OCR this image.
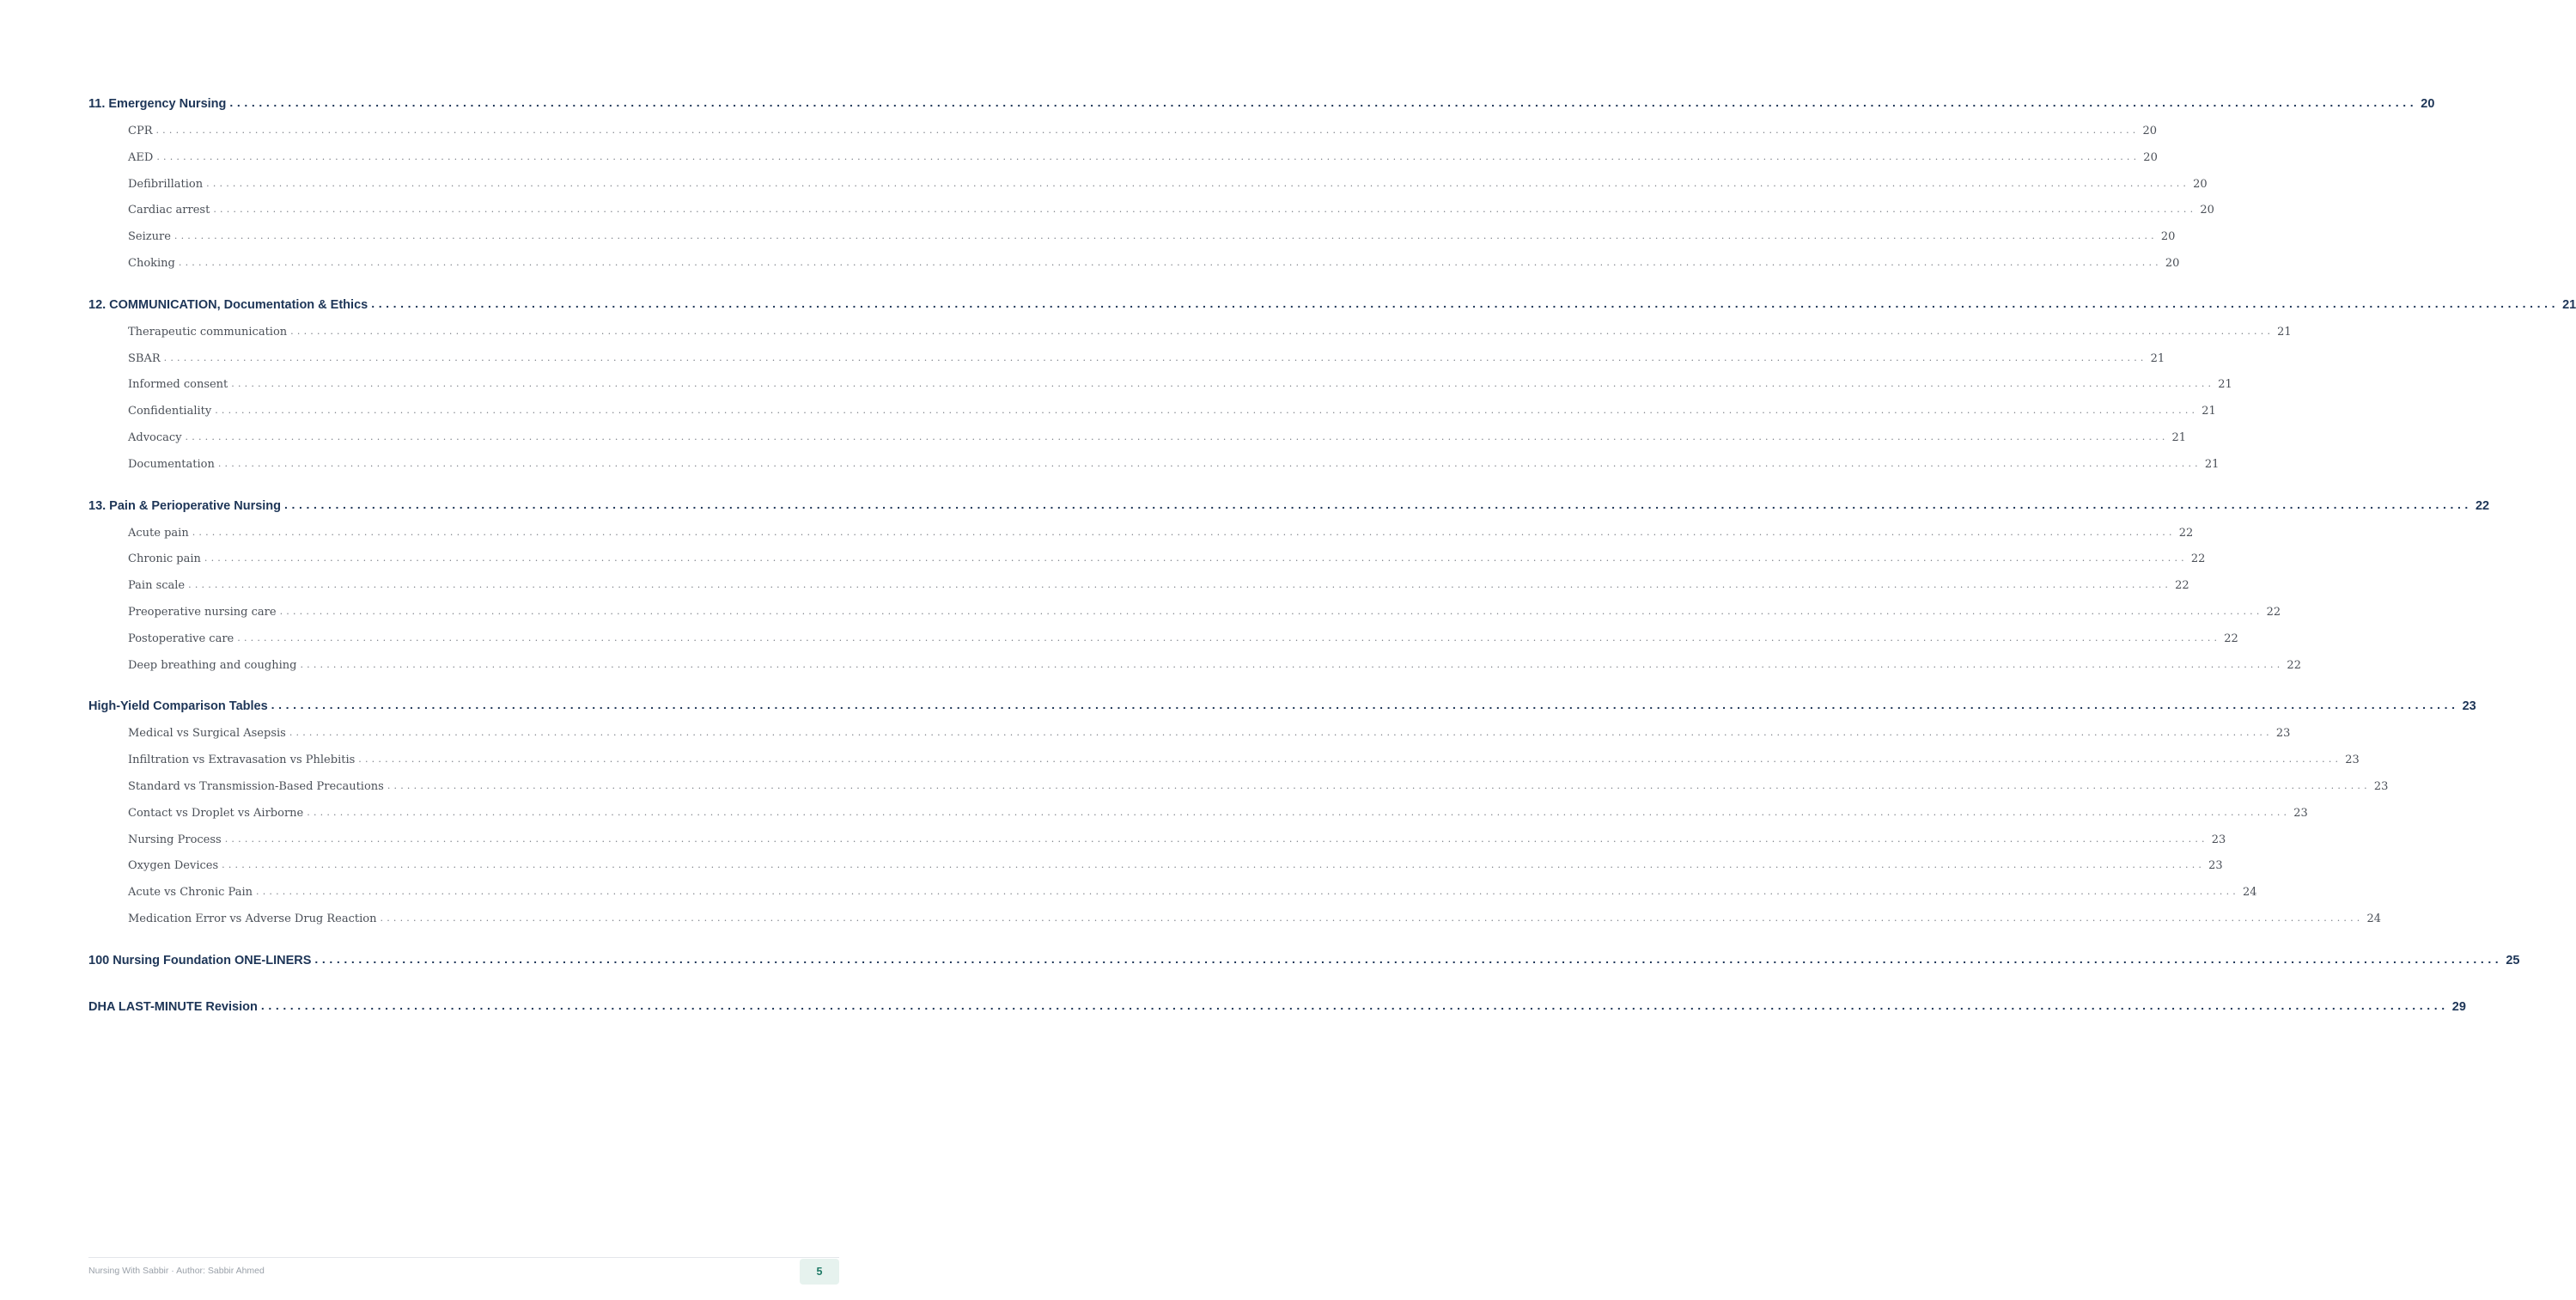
11. Emergency Nursing ............................................................................................................................................................................................................................................................................................................ 20
CPR ............................................................................................................................................................................................................................................................................................................ 20
AED ............................................................................................................................................................................................................................................................................................................ 20
Defibrillation ............................................................................................................................................................................................................................................................................................................ 20
Cardiac arrest ............................................................................................................................................................................................................................................................................................................ 20
Seizure ............................................................................................................................................................................................................................................................................................................ 20
Choking ............................................................................................................................................................................................................................................................................................................ 20
12. COMMUNICATION, Documentation & Ethics ............................................................................................................................................................................................................................................................................................................ 21
Therapeutic communication ............................................................................................................................................................................................................................................................................................................ 21
SBAR ............................................................................................................................................................................................................................................................................................................ 21
Informed consent ............................................................................................................................................................................................................................................................................................................ 21
Confidentiality ............................................................................................................................................................................................................................................................................................................ 21
Advocacy ............................................................................................................................................................................................................................................................................................................ 21
Documentation ............................................................................................................................................................................................................................................................................................................ 21
13. Pain & Perioperative Nursing ............................................................................................................................................................................................................................................................................................................ 22
Acute pain ............................................................................................................................................................................................................................................................................................................ 22
Chronic pain ............................................................................................................................................................................................................................................................................................................ 22
Pain scale ............................................................................................................................................................................................................................................................................................................ 22
Preoperative nursing care ............................................................................................................................................................................................................................................................................................................ 22
Postoperative care ............................................................................................................................................................................................................................................................................................................ 22
Deep breathing and coughing ............................................................................................................................................................................................................................................................................................................ 22
High-Yield Comparison Tables ............................................................................................................................................................................................................................................................................................................ 23
Medical vs Surgical Asepsis ............................................................................................................................................................................................................................................................................................................ 23
Infiltration vs Extravasation vs Phlebitis ............................................................................................................................................................................................................................................................................................................ 23
Standard vs Transmission-Based Precautions ............................................................................................................................................................................................................................................................................................................ 23
Contact vs Droplet vs Airborne ............................................................................................................................................................................................................................................................................................................ 23
Nursing Process ............................................................................................................................................................................................................................................................................................................ 23
Oxygen Devices ............................................................................................................................................................................................................................................................................................................ 23
Acute vs Chronic Pain ............................................................................................................................................................................................................................................................................................................ 24
Medication Error vs Adverse Drug Reaction ............................................................................................................................................................................................................................................................................................................ 24
100 Nursing Foundation ONE-LINERS ............................................................................................................................................................................................................................................................................................................ 25
DHA LAST-MINUTE Revision ............................................................................................................................................................................................................................................................................................................ 29
Nursing With Sabbir · Author: Sabbir Ahmed	5
